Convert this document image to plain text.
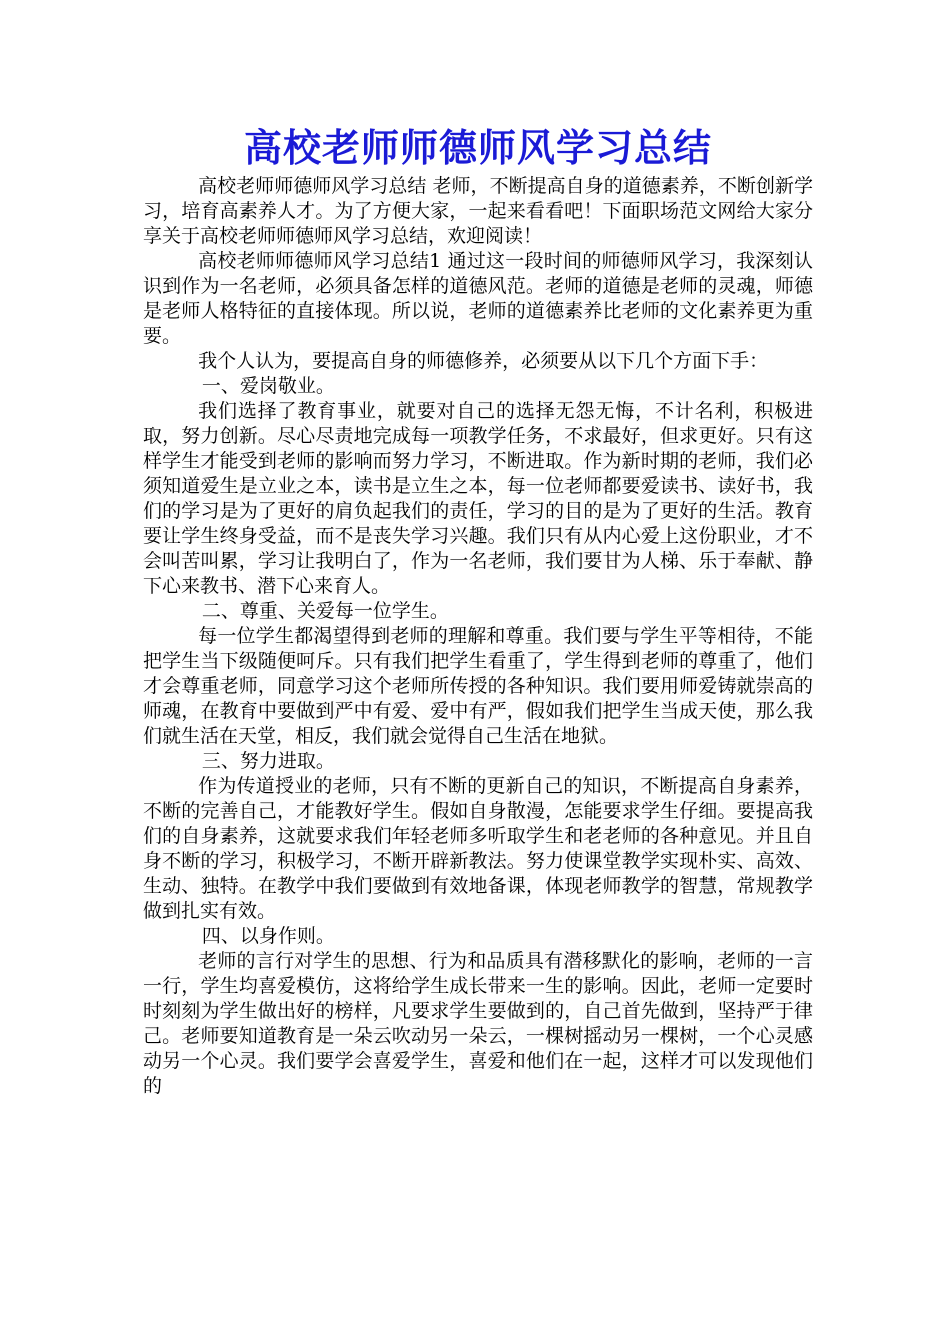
高校老师师德师风学习总结

高校老师师德师风学习总结 老师，不断提高自身的道德素养，不断创新学习，培育高素养人才。为了方便大家，一起来看看吧！下面职场范文网给大家分享关于高校老师师德师风学习总结，欢迎阅读！

高校老师师德师风学习总结1 通过这一段时间的师德师风学习，我深刻认识到作为一名老师，必须具备怎样的道德风范。老师的道德是老师的灵魂，师德是老师人格特征的直接体现。所以说，老师的道德素养比老师的文化素养更为重要。

我个人认为，要提高自身的师德修养，必须要从以下几个方面下手：

一、爱岗敬业。

我们选择了教育事业，就要对自己的选择无怨无悔，不计名利，积极进取，努力创新。尽心尽责地完成每一项教学任务，不求最好，但求更好。只有这样学生才能受到老师的影响而努力学习，不断进取。作为新时期的老师，我们必须知道爱生是立业之本，读书是立生之本，每一位老师都要爱读书、读好书，我们的学习是为了更好的肩负起我们的责任，学习的目的是为了更好的生活。教育要让学生终身受益，而不是丧失学习兴趣。我们只有从内心爱上这份职业，才不会叫苦叫累，学习让我明白了，作为一名老师，我们要甘为人梯、乐于奉献、静下心来教书、潜下心来育人。

二、尊重、关爱每一位学生。

每一位学生都渴望得到老师的理解和尊重。我们要与学生平等相待，不能把学生当下级随便呵斥。只有我们把学生看重了，学生得到老师的尊重了，他们才会尊重老师，同意学习这个老师所传授的各种知识。我们要用师爱铸就崇高的师魂，在教育中要做到严中有爱、爱中有严，假如我们把学生当成天使，那么我们就生活在天堂，相反，我们就会觉得自己生活在地狱。

三、努力进取。

作为传道授业的老师，只有不断的更新自己的知识，不断提高自身素养，不断的完善自己，才能教好学生。假如自身散漫，怎能要求学生仔细。要提高我们的自身素养，这就要求我们年轻老师多听取学生和老老师的各种意见。并且自身不断的学习，积极学习，不断开辟新教法。努力使课堂教学实现朴实、高效、生动、独特。在教学中我们要做到有效地备课，体现老师教学的智慧，常规教学做到扎实有效。

四、以身作则。

老师的言行对学生的思想、行为和品质具有潜移默化的影响，老师的一言一行，学生均喜爱模仿，这将给学生成长带来一生的影响。因此，老师一定要时时刻刻为学生做出好的榜样，凡要求学生要做到的，自己首先做到，坚持严于律己。老师要知道教育是一朵云吹动另一朵云，一棵树摇动另一棵树，一个心灵感动另一个心灵。我们要学会喜爱学生，喜爱和他们在一起，这样才可以发现他们的
